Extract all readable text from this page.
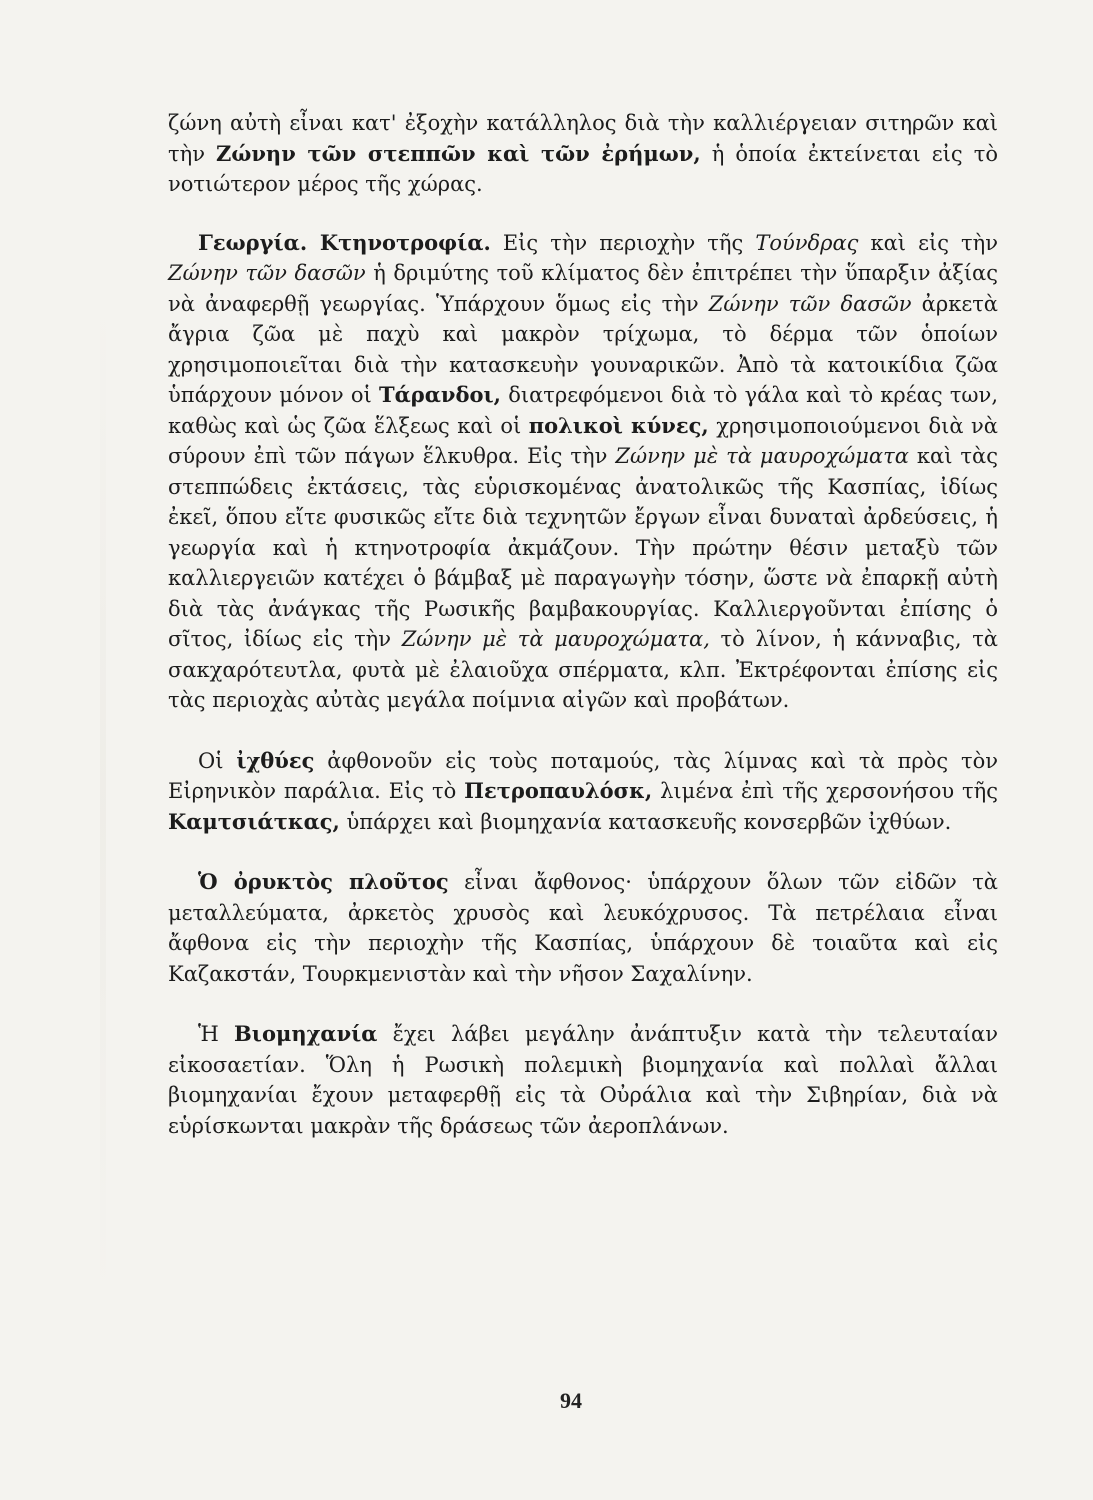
ζώνη αὐτὴ εἶναι κατ' ἐξοχὴν κατάλληλος διὰ τὴν καλλιέργειαν σιτηρῶν καὶ τὴν Ζώνην τῶν στεππῶν καὶ τῶν ἐρήμων, ἡ ὁποία ἐκτείνεται εἰς τὸ νοτιώτερον μέρος τῆς χώρας.

Γεωργία. Κτηνοτροφία. Εἰς τὴν περιοχὴν τῆς Τούνδρας καὶ εἰς τὴν Ζώνην τῶν δασῶν ἡ δριμύτης τοῦ κλίματος δὲν ἐπιτρέπει τὴν ὕπαρξιν ἀξίας νὰ ἀναφερθῇ γεωργίας. Ὑπάρχουν ὅμως εἰς τὴν Ζώνην τῶν δασῶν ἀρκετὰ ἄγρια ζῶα μὲ παχὺ καὶ μακρὸν τρίχωμα, τὸ δέρμα τῶν ὁποίων χρησιμοποιεῖται διὰ τὴν κατασκευὴν γουναρικῶν. Ἀπὸ τὰ κατοικίδια ζῶα ὑπάρχουν μόνον οἱ Τάρανδοι, διατρεφόμενοι διὰ τὸ γάλα καὶ τὸ κρέας των, καθὼς καὶ ὡς ζῶα ἕλξεως καὶ οἱ πολικοὶ κύνες, χρησιμοποιούμενοι διὰ νὰ σύρουν ἐπὶ τῶν πάγων ἕλκυθρα. Εἰς τὴν Ζώνην μὲ τὰ μαυροχώματα καὶ τὰς στεππώδεις ἐκτάσεις, τὰς εὑρισκομένας ἀνατολικῶς τῆς Κασπίας, ἰδίως ἐκεῖ, ὅπου εἴτε φυσικῶς εἴτε διὰ τεχνητῶν ἔργων εἶναι δυναταὶ ἀρδεύσεις, ἡ γεωργία καὶ ἡ κτηνοτροφία ἀκμάζουν. Τὴν πρώτην θέσιν μεταξὺ τῶν καλλιεργειῶν κατέχει ὁ βάμβαξ μὲ παραγωγὴν τόσην, ὥστε νὰ ἐπαρκῇ αὐτὴ διὰ τὰς ἀνάγκας τῆς Ρωσικῆς βαμβακουργίας. Καλλιεργοῦνται ἐπίσης ὁ σῖτος, ἰδίως εἰς τὴν Ζώνην μὲ τὰ μαυροχώματα, τὸ λίνον, ἡ κάνναβις, τὰ σακχαρότευτλα, φυτὰ μὲ ἐλαιοῦχα σπέρματα, κλπ. Ἐκτρέφονται ἐπίσης εἰς τὰς περιοχὰς αὐτὰς μεγάλα ποίμνια αἰγῶν καὶ προβάτων.

Οἱ ἰχθύες ἀφθονοῦν εἰς τοὺς ποταμούς, τὰς λίμνας καὶ τὰ πρὸς τὸν Εἰρηνικὸν παράλια. Εἰς τὸ Πετροπαυλόσκ, λιμένα ἐπὶ τῆς χερσονήσου τῆς Καμτσιάτκας, ὑπάρχει καὶ βιομηχανία κατασκευῆς κονσερβῶν ἰχθύων.

Ὁ ὀρυκτὸς πλοῦτος εἶναι ἄφθονος· ὑπάρχουν ὅλων τῶν εἰδῶν τὰ μεταλλεύματα, ἀρκετὸς χρυσὸς καὶ λευκόχρυσος. Τὰ πετρέλαια εἶναι ἄφθονα εἰς τὴν περιοχὴν τῆς Κασπίας, ὑπάρχουν δὲ τοιαῦτα καὶ εἰς Καζακστάν, Τουρκμενιστὰν καὶ τὴν νῆσον Σαχαλίνην.

Ἡ Βιομηχανία ἔχει λάβει μεγάλην ἀνάπτυξιν κατὰ τὴν τελευταίαν εἰκοσαετίαν. Ὅλη ἡ Ρωσικὴ πολεμικὴ βιομηχανία καὶ πολλαὶ ἄλλαι βιομηχανίαι ἔχουν μεταφερθῇ εἰς τὰ Οὐράλια καὶ τὴν Σιβηρίαν, διὰ νὰ εὑρίσκωνται μακρὰν τῆς δράσεως τῶν ἀεροπλάνων.

94
